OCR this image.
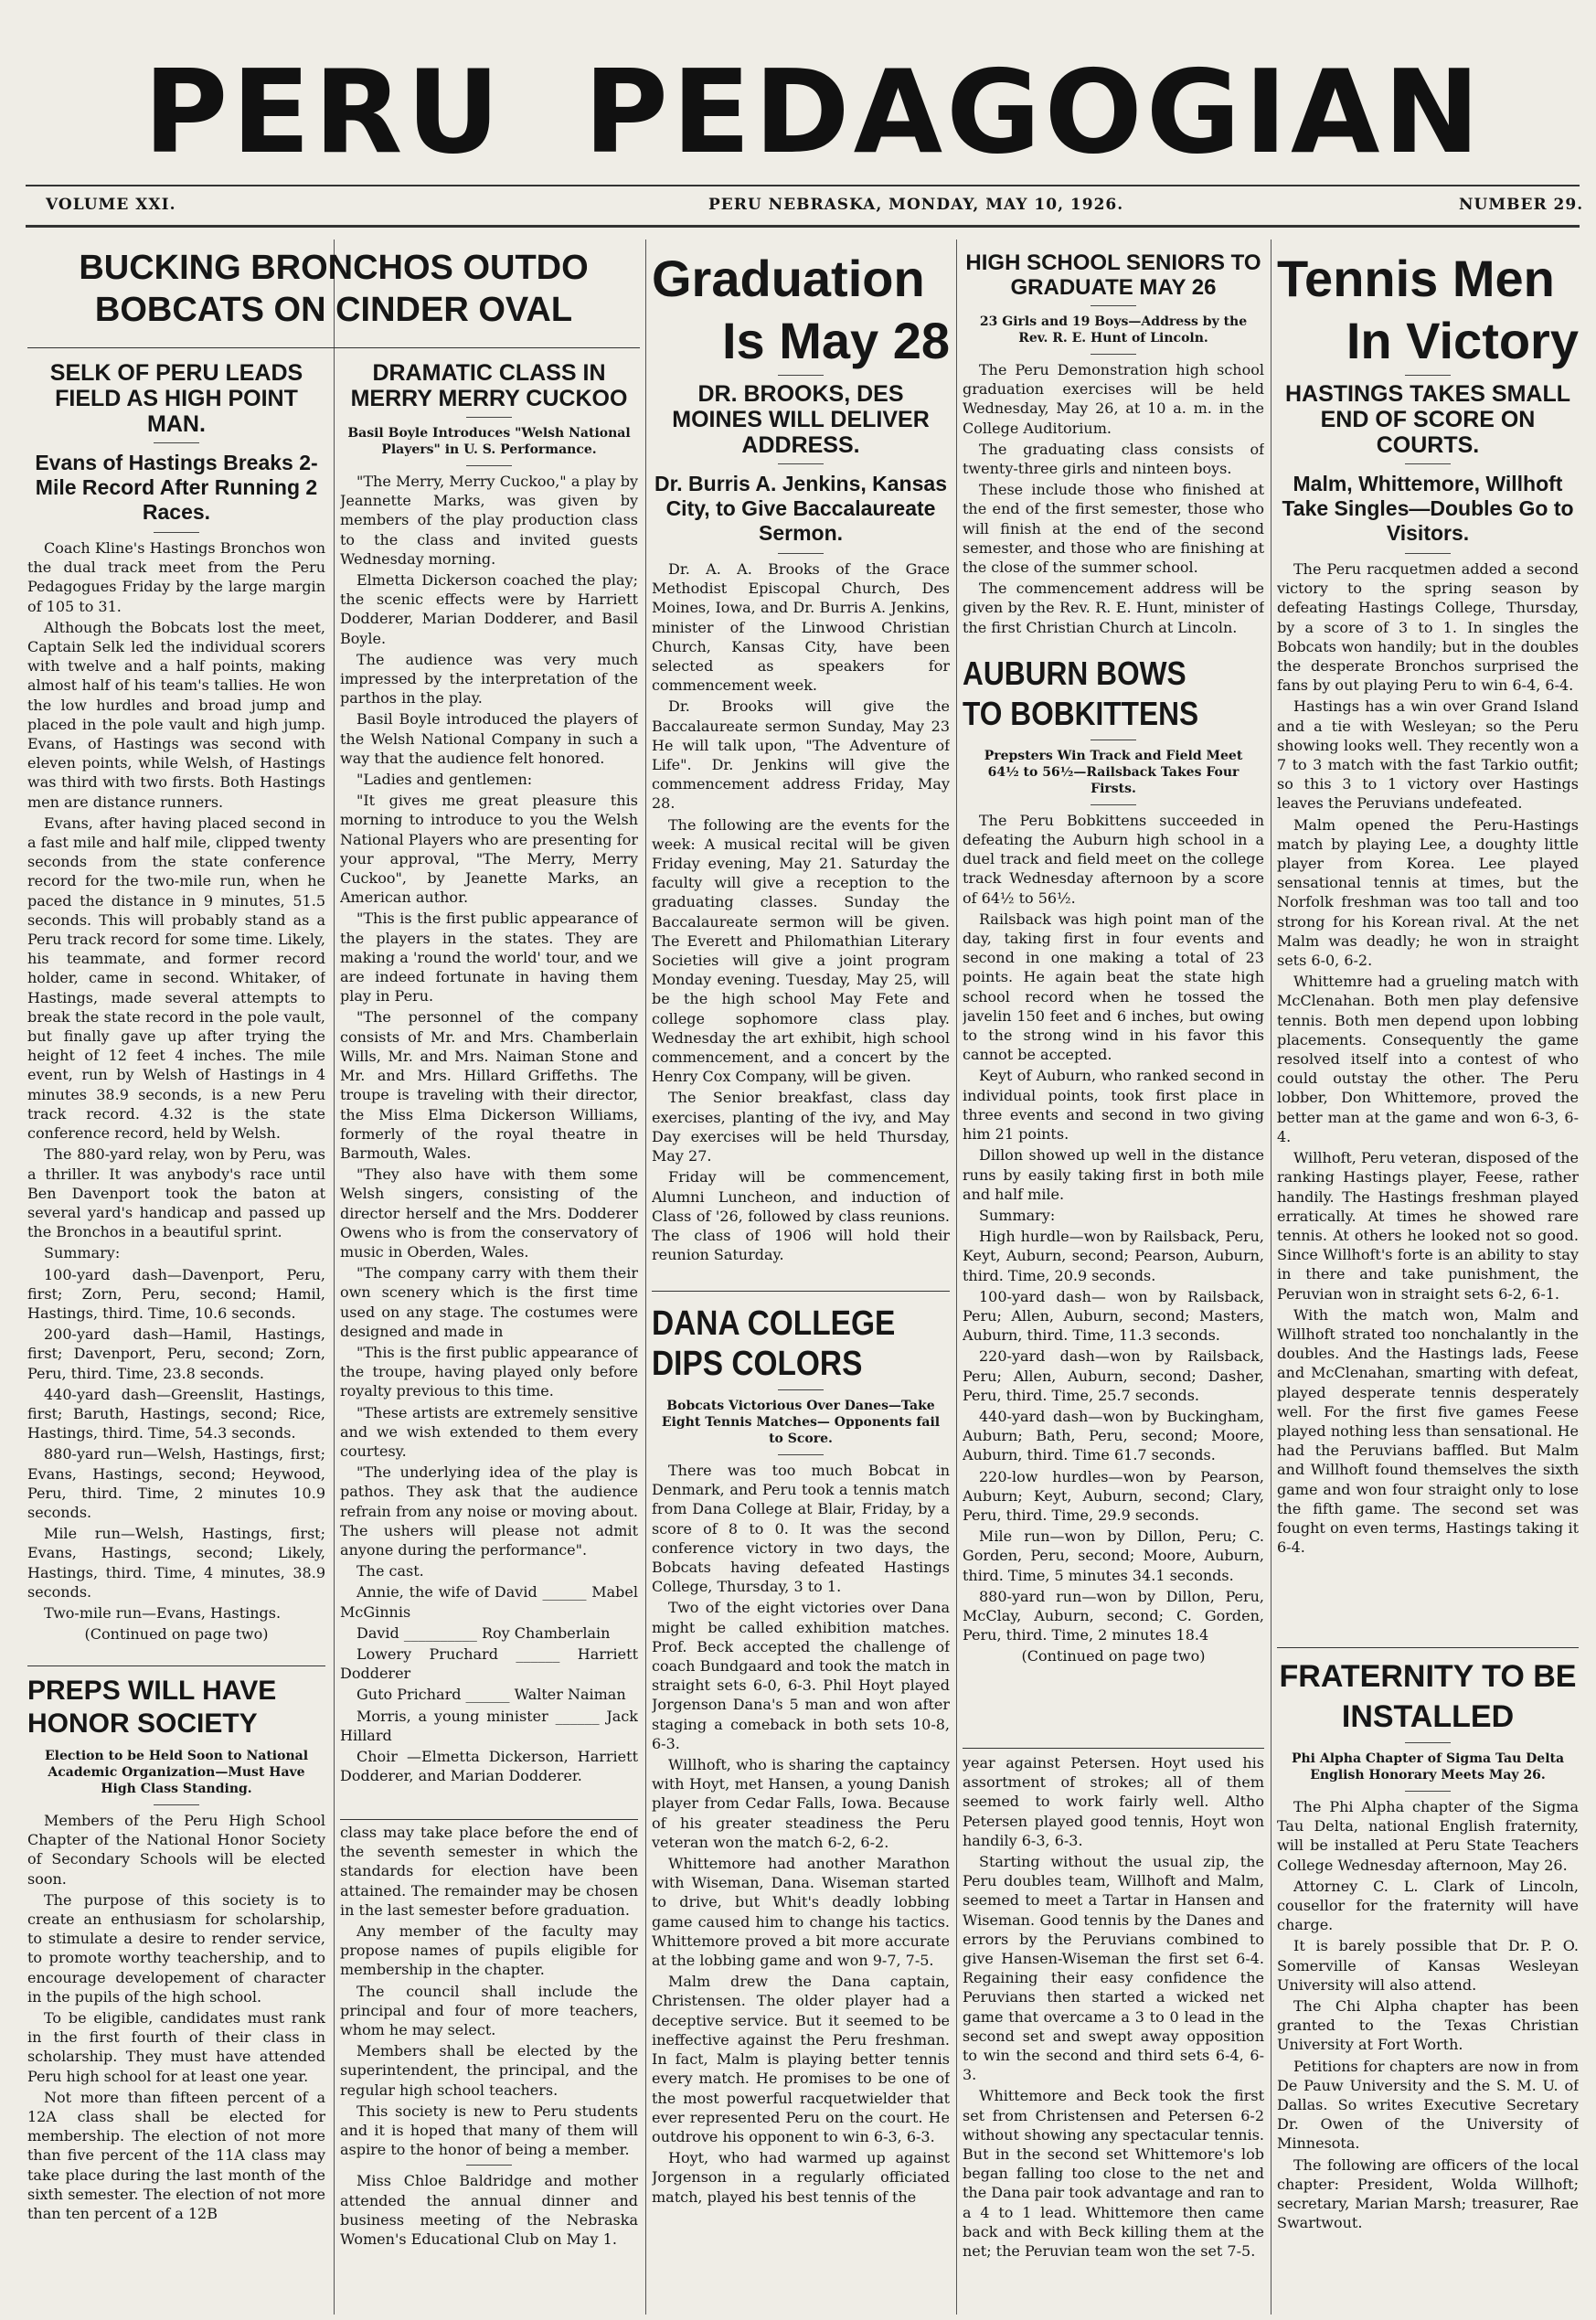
PERU PEDAGOGIAN
VOLUME XXI.	PERU NEBRASKA, MONDAY, MAY 10, 1926.	NUMBER 29.
BUCKING BRONCHOS OUTDO BOBCATS ON CINDER OVAL
SELK OF PERU LEADS FIELD AS HIGH POINT MAN.
Evans of Hastings Breaks 2-Mile Record After Running 2 Races.

Coach Kline's Hastings Bronchos won the dual track meet from the Peru Pedagogues Friday by the large margin of 105 to 31.

Although the Bobcats lost the meet, Captain Selk led the individual scorers with twelve and a half points, making almost half of his team's tallies. He won the low hurdles and broad jump and placed in the pole vault and high jump. Evans, of Hastings was second with eleven points, while Welsh, of Hastings was third with two firsts. Both Hastings men are distance runners.

Evans, after having placed second in a fast mile and half mile, clipped twenty seconds from the state conference record for the two-mile run, when he paced the distance in 9 minutes, 51.5 seconds. This will probably stand as a Peru track record for some time. Likely, his teammate, and former record holder, came in second. Whitaker, of Hastings, made several attempts to break the state record in the pole vault, but finally gave up after trying the height of 12 feet 4 inches. The mile event, run by Welsh of Hastings in 4 minutes 38.9 seconds, is a new Peru track record. 4.32 is the state conference record, held by Welsh.

The 880-yard relay, won by Peru, was a thriller. It was anybody's race until Ben Davenport took the baton at several yard's handicap and passed up the Bronchos in a beautiful sprint.

Summary:

100-yard dash—Davenport, Peru, first; Zorn, Peru, second; Hamil, Hastings, third. Time, 10.6 seconds.

200-yard dash—Hamil, Hastings, first; Davenport, Peru, second; Zorn, Peru, third. Time, 23.8 seconds.

440-yard dash—Greenslit, Hastings, first; Baruth, Hastings, second; Rice, Hastings, third. Time, 54.3 seconds.

880-yard run—Welsh, Hastings, first; Evans, Hastings, second; Heywood, Peru, third. Time, 2 minutes 10.9 seconds.

Mile run—Welsh, Hastings, first; Evans, Hastings, second; Likely, Hastings, third. Time, 4 minutes, 38.9 seconds.

Two-mile run—Evans, Hastings.

(Continued on page two)
PREPS WILL HAVE HONOR SOCIETY
Election to be Held Soon to National Academic Organization—Must Have High Class Standing.

Members of the Peru High School Chapter of the National Honor Society of Secondary Schools will be elected soon.

The purpose of this society is to create an enthusiasm for scholarship, to stimulate a desire to render service, to promote worthy teachership, and to encourage developement of character in the pupils of the high school.

To be eligible, candidates must rank in the first fourth of their class in scholarship. They must have attended Peru high school for at least one year.

Not more than fifteen percent of a 12A class shall be elected for membership. The election of not more than five percent of the 11A class may take place during the last month of the sixth semester. The election of not more than ten percent of a 12B

DRAMATIC CLASS IN MERRY MERRY CUCKOO
Basil Boyle Introduces "Welsh National Players" in U. S. Performance.

"The Merry, Merry Cuckoo," a play by Jeannette Marks, was given by members of the play production class to the class and invited guests Wednesday morning.

Elmetta Dickerson coached the play; the scenic effects were by Harriett Dodderer, Marian Dodderer, and Basil Boyle.

The audience was very much impressed by the interpretation of the parthos in the play.

Basil Boyle introduced the players of the Welsh National Company in such a way that the audience felt honored.

"Ladies and gentlemen:

"It gives me great pleasure this morning to introduce to you the Welsh National Players who are presenting for your approval, "The Merry, Merry Cuckoo", by Jeanette Marks, an American author.

"This is the first public appearance of the players in the states. They are making a 'round the world' tour, and we are indeed fortunate in having them play in Peru.

"The personnel of the company consists of Mr. and Mrs. Chamberlain Wills, Mr. and Mrs. Naiman Stone and Mr. and Mrs. Hillard Griffeths. The troupe is traveling with their director, the Miss Elma Dickerson Williams, formerly of the royal theatre in Barmouth, Wales.

"They also have with them some Welsh singers, consisting of the director herself and the Mrs. Dodderer Owens who is from the conservatory of music in Oberden, Wales.

"The company carry with them their own scenery which is the first time used on any stage. The costumes were designed and made in

"This is the first public appearance of the troupe, having played only before royalty previous to this time.

"These artists are extremely sensitive and we wish extended to them every courtesy.

"The underlying idea of the play is pathos. They ask that the audience refrain from any noise or moving about. The ushers will please not admit anyone during the performance".

The cast.

Annie, the wife of David ______ Mabel McGinnis

David __________ Roy Chamberlain

Lowery Pruchard ______ Harriett Dodderer

Guto Prichard ______ Walter Naiman

Morris, a young minister ______ Jack Hillard

Choir —Elmetta Dickerson, Harriett Dodderer, and Marian Dodderer.

class may take place before the end of the seventh semester in which the standards for election have been attained. The remainder may be chosen in the last semester before graduation.

Any member of the faculty may propose names of pupils eligible for membership in the chapter.

The council shall include the principal and four of more teachers, whom he may select.

Members shall be elected by the superintendent, the principal, and the regular high school teachers.

This society is new to Peru students and it is hoped that many of them will aspire to the honor of being a member.

Miss Chloe Baldridge and mother attended the annual dinner and business meeting of the Nebraska Women's Educational Club on May 1.

Graduation
Is May 28
DR. BROOKS, DES MOINES WILL DELIVER ADDRESS.
Dr. Burris A. Jenkins, Kansas City, to Give Baccalaureate Sermon.

Dr. A. A. Brooks of the Grace Methodist Episcopal Church, Des Moines, Iowa, and Dr. Burris A. Jenkins, minister of the Linwood Christian Church, Kansas City, have been selected as speakers for commencement week.

Dr. Brooks will give the Baccalaureate sermon Sunday, May 23 He will talk upon, "The Adventure of Life". Dr. Jenkins will give the commencement address Friday, May 28.

The following are the events for the week: A musical recital will be given Friday evening, May 21. Saturday the faculty will give a reception to the graduating classes. Sunday the Baccalaureate sermon will be given. The Everett and Philomathian Literary Societies will give a joint program Monday evening. Tuesday, May 25, will be the high school May Fete and college sophomore class play. Wednesday the art exhibit, high school commencement, and a concert by the Henry Cox Company, will be given.

The Senior breakfast, class day exercises, planting of the ivy, and May Day exercises will be held Thursday, May 27.

Friday will be commencement, Alumni Luncheon, and induction of Class of '26, followed by class reunions. The class of 1906 will hold their reunion Saturday.

DANA COLLEGE DIPS COLORS
Bobcats Victorious Over Danes—Take Eight Tennis Matches— Opponents fail to Score.

There was too much Bobcat in Denmark, and Peru took a tennis match from Dana College at Blair, Friday, by a score of 8 to 0. It was the second conference victory in two days, the Bobcats having defeated Hastings College, Thursday, 3 to 1.

Two of the eight victories over Dana might be called exhibition matches. Prof. Beck accepted the challenge of coach Bundgaard and took the match in straight sets 6-0, 6-3. Phil Hoyt played Jorgenson Dana's 5 man and won after staging a comeback in both sets 10-8, 6-3.

Willhoft, who is sharing the captaincy with Hoyt, met Hansen, a young Danish player from Cedar Falls, Iowa. Because of his greater steadiness the Peru veteran won the match 6-2, 6-2.

Whittemore had another Marathon with Wiseman, Dana. Wiseman started to drive, but Whit's deadly lobbing game caused him to change his tactics. Whittemore proved a bit more accurate at the lobbing game and won 9-7, 7-5.

Malm drew the Dana captain, Christensen. The older player had a deceptive service. But it seemed to be ineffective against the Peru freshman. In fact, Malm is playing better tennis every match. He promises to be one of the most powerful racquetwielder that ever represented Peru on the court. He outdrove his opponent to win 6-3, 6-3.

Hoyt, who had warmed up against Jorgenson in a regularly officiated match, played his best tennis of the

HIGH SCHOOL SENIORS TO GRADUATE MAY 26
23 Girls and 19 Boys—Address by the Rev. R. E. Hunt of Lincoln.

The Peru Demonstration high school graduation exercises will be held Wednesday, May 26, at 10 a. m. in the College Auditorium.

The graduating class consists of twenty-three girls and ninteen boys.

These include those who finished at the end of the first semester, those who will finish at the end of the second semester, and those who are finishing at the close of the summer school.

The commencement address will be given by the Rev. R. E. Hunt, minister of the first Christian Church at Lincoln.

AUBURN BOWS TO BOBKITTENS
Prepsters Win Track and Field Meet 64½ to 56½—Railsback Takes Four Firsts.

The Peru Bobkittens succeeded in defeating the Auburn high school in a duel track and field meet on the college track Wednesday afternoon by a score of 64½ to 56½.

Railsback was high point man of the day, taking first in four events and second in one making a total of 23 points. He again beat the state high school record when he tossed the javelin 150 feet and 6 inches, but owing to the strong wind in his favor this cannot be accepted.

Keyt of Auburn, who ranked second in individual points, took first place in three events and second in two giving him 21 points.

Dillon showed up well in the distance runs by easily taking first in both mile and half mile.

Summary:

High hurdle—won by Railsback, Peru, Keyt, Auburn, second; Pearson, Auburn, third. Time, 20.9 seconds.

100-yard dash— won by Railsback, Peru; Allen, Auburn, second; Masters, Auburn, third. Time, 11.3 seconds.

220-yard dash—won by Railsback, Peru; Allen, Auburn, second; Dasher, Peru, third. Time, 25.7 seconds.

440-yard dash—won by Buckingham, Auburn; Bath, Peru, second; Moore, Auburn, third. Time 61.7 seconds.

220-low hurdles—won by Pearson, Auburn; Keyt, Auburn, second; Clary, Peru, third. Time, 29.9 seconds.

Mile run—won by Dillon, Peru; C. Gorden, Peru, second; Moore, Auburn, third. Time, 5 minutes 34.1 seconds.

880-yard run—won by Dillon, Peru, McClay, Auburn, second; C. Gorden, Peru, third. Time, 2 minutes 18.4

(Continued on page two)

year against Petersen. Hoyt used his assortment of strokes; all of them seemed to work fairly well. Altho Petersen played good tennis, Hoyt won handily 6-3, 6-3.

Starting without the usual zip, the Peru doubles team, Willhoft and Malm, seemed to meet a Tartar in Hansen and Wiseman. Good tennis by the Danes and errors by the Peruvians combined to give Hansen-Wiseman the first set 6-4. Regaining their easy confidence the Peruvians then started a wicked net game that overcame a 3 to 0 lead in the second set and swept away opposition to win the second and third sets 6-4, 6-3.

Whittemore and Beck took the first set from Christensen and Petersen 6-2 without showing any spectacular tennis. But in the second set Whittemore's lob began falling too close to the net and the Dana pair took advantage and ran to a 4 to 1 lead. Whittemore then came back and with Beck killing them at the net; the Peruvian team won the set 7-5.

Tennis Men
In Victory
HASTINGS TAKES SMALL END OF SCORE ON COURTS.
Malm, Whittemore, Willhoft Take Singles—Doubles Go to Visitors.

The Peru racquetmen added a second victory to the spring season by defeating Hastings College, Thursday, by a score of 3 to 1. In singles the Bobcats won handily; but in the doubles the desperate Bronchos surprised the fans by out playing Peru to win 6-4, 6-4.

Hastings has a win over Grand Island and a tie with Wesleyan; so the Peru showing looks well. They recently won a 7 to 3 match with the fast Tarkio outfit; so this 3 to 1 victory over Hastings leaves the Peruvians undefeated.

Malm opened the Peru-Hastings match by playing Lee, a doughty little player from Korea. Lee played sensational tennis at times, but the Norfolk freshman was too tall and too strong for his Korean rival. At the net Malm was deadly; he won in straight sets 6-0, 6-2.

Whittemre had a grueling match with McClenahan. Both men play defensive tennis. Both men depend upon lobbing placements. Consequently the game resolved itself into a contest of who could outstay the other. The Peru lobber, Don Whittemore, proved the better man at the game and won 6-3, 6-4.

Willhoft, Peru veteran, disposed of the ranking Hastings player, Feese, rather handily. The Hastings freshman played erratically. At times he showed rare tennis. At others he looked not so good. Since Willhoft's forte is an ability to stay in there and take punishment, the Peruvian won in straight sets 6-2, 6-1.

With the match won, Malm and Willhoft strated too nonchalantly in the doubles. And the Hastings lads, Feese and McClenahan, smarting with defeat, played desperate tennis desperately well. For the first five games Feese played nothing less than sensational. He had the Peruvians baffled. But Malm and Willhoft found themselves the sixth game and won four straight only to lose the fifth game. The second set was fought on even terms, Hastings taking it 6-4.

FRATERNITY TO BE INSTALLED
Phi Alpha Chapter of Sigma Tau Delta English Honorary Meets May 26.

The Phi Alpha chapter of the Sigma Tau Delta, national English fraternity, will be installed at Peru State Teachers College Wednesday afternoon, May 26.

Attorney C. L. Clark of Lincoln, cousellor for the fraternity will have charge.

It is barely possible that Dr. P. O. Somerville of Kansas Wesleyan University will also attend.

The Chi Alpha chapter has been granted to the Texas Christian University at Fort Worth.

Petitions for chapters are now in from De Pauw University and the S. M. U. of Dallas. So writes Executive Secretary Dr. Owen of the University of Minnesota.

The following are officers of the local chapter: President, Wolda Willhoft; secretary, Marian Marsh; treasurer, Rae Swartwout.
